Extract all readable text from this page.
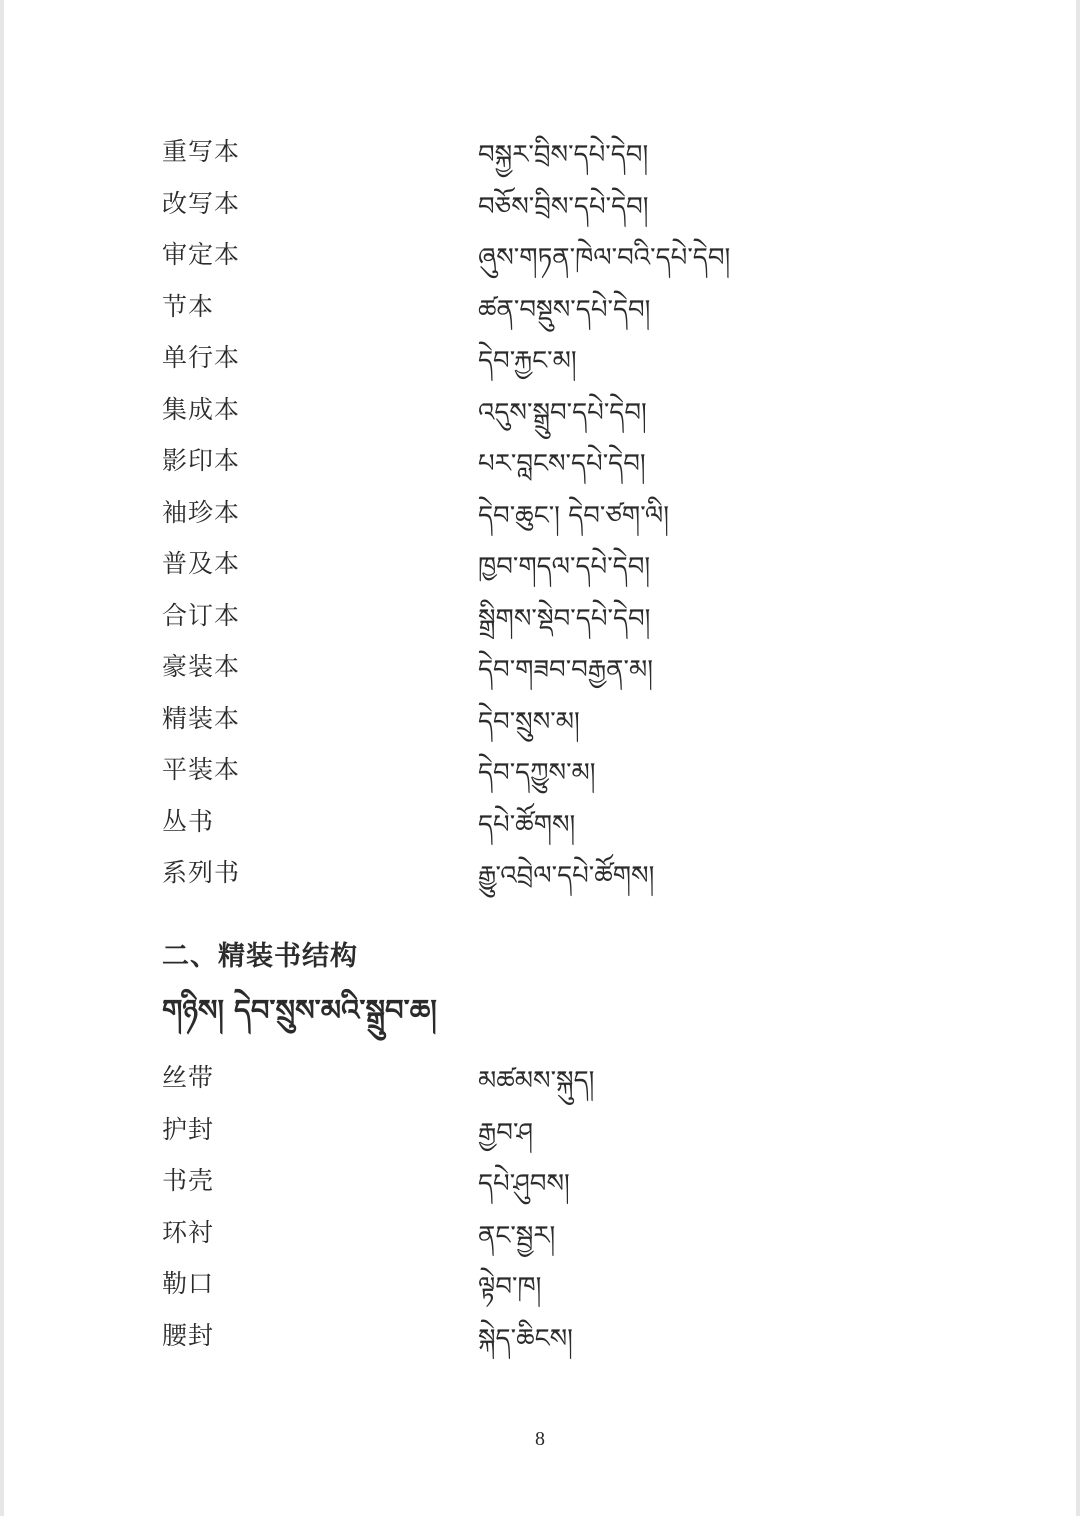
重写本	བསྐྱར་བྲིས་དཔེ་དེབ།
改写本	བཅོས་བྲིས་དཔེ་དེབ།
审定本	ཞུས་གཏན་ཁེལ་བའི་དཔེ་དེབ།
节本	ཚན་བསྡུས་དཔེ་དེབ།
单行本	དེབ་རྐྱང་མ།
集成本	འདུས་སྒྲུབ་དཔེ་དེབ།
影印本	པར་བླངས་དཔེ་དེབ།
袖珍本	དེབ་ཆུང་། དེབ་ཙག་ལི།
普及本	ཁྱབ་གདལ་དཔེ་དེབ།
合订本	སྒྲིགས་སྡེབ་དཔེ་དེབ།
豪装本	དེབ་གཟབ་བརྒྱན་མ།
精装本	དེབ་སྲུས་མ།
平装本	དེབ་དཀྱུས་མ།
丛书	དཔེ་ཚོགས།
系列书	རྒྱུ་འབྲེལ་དཔེ་ཚོགས།
二、精装书结构
གཉིས། དེབ་སྲུས་མའི་སྒྲུབ་ཆ།
丝带	མཚམས་སྐུད།
护封	རྒྱབ་ཤ
书壳	དཔེ་ཤུབས།
环衬	ནང་སྦྱར།
勒口	ལྟེབ་ཁ།
腰封	སྐེད་ཆིངས།
8
